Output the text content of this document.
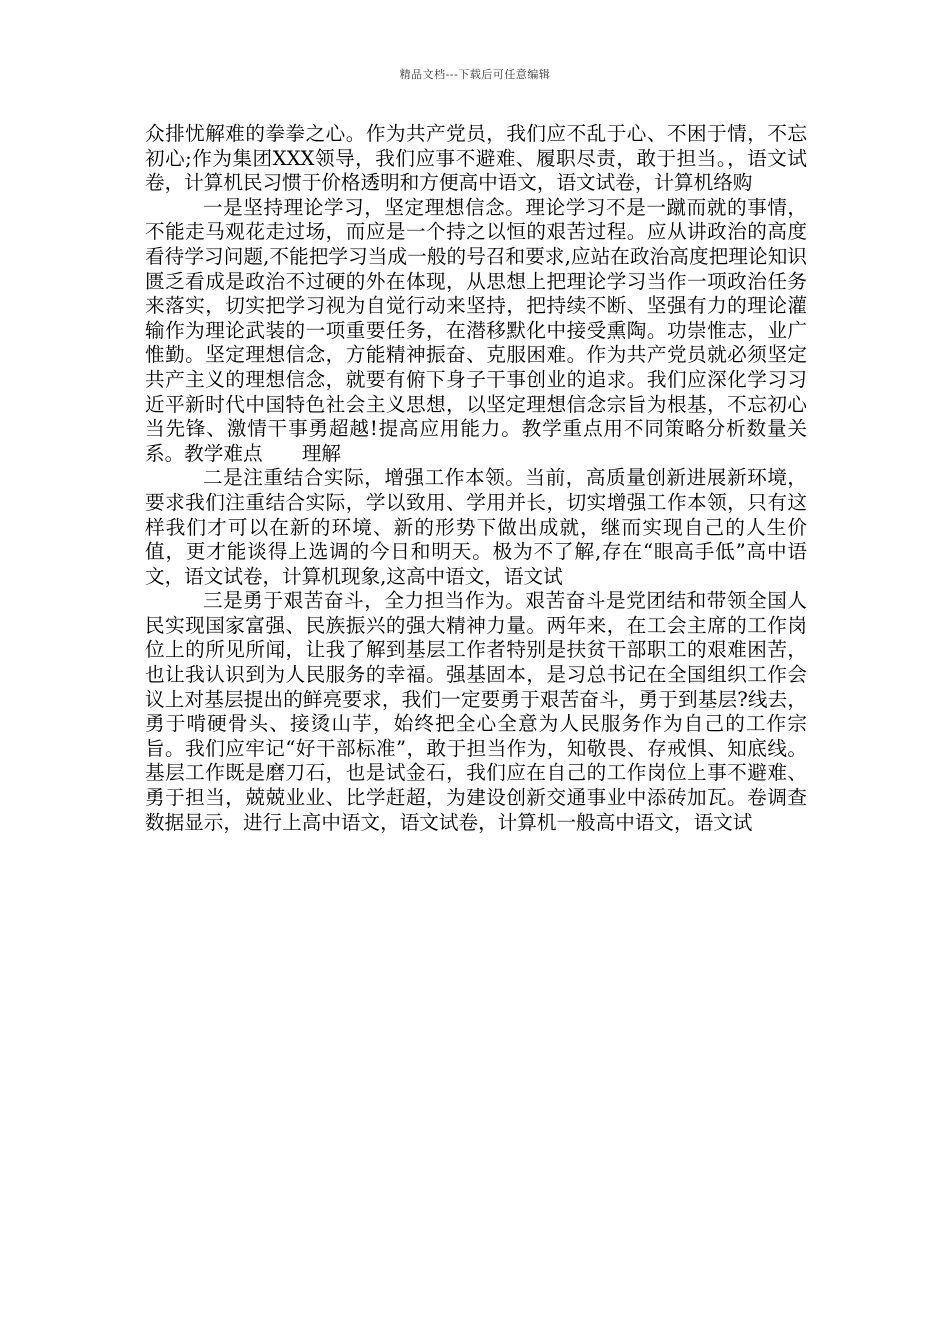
精品文档---下载后可任意编辑

众排忧解难的拳拳之心。作为共产党员，我们应不乱于心、不困于情，不忘初心;作为集团XXX领导，我们应事不避难、履职尽责，敢于担当。，语文试卷，计算机民习惯于价格透明和方便高中语文，语文试卷，计算机络购

一是坚持理论学习，坚定理想信念。理论学习不是一蹴而就的事情，不能走马观花走过场，而应是一个持之以恒的艰苦过程。应从讲政治的高度看待学习问题,不能把学习当成一般的号召和要求,应站在政治高度把理论知识匮乏看成是政治不过硬的外在体现，从思想上把理论学习当作一项政治任务来落实，切实把学习视为自觉行动来坚持，把持续不断、坚强有力的理论灌输作为理论武装的一项重要任务，在潜移默化中接受熏陶。功崇惟志，业广惟勤。坚定理想信念，方能精神振奋、克服困难。作为共产党员就必须坚定共产主义的理想信念，就要有俯下身子干事创业的追求。我们应深化学习习近平新时代中国特色社会主义思想，以坚定理想信念宗旨为根基，不忘初心当先锋、激情干事勇超越!提高应用能力。教学重点用不同策略分析数量关系。教学难点　　理解

二是注重结合实际，增强工作本领。当前，高质量创新进展新环境，要求我们注重结合实际，学以致用、学用并长，切实增强工作本领，只有这样我们才可以在新的环境、新的形势下做出成就，继而实现自己的人生价值，更才能谈得上选调的今日和明天。极为不了解,存在“眼高手低”高中语文，语文试卷，计算机现象,这高中语文，语文试

三是勇于艰苦奋斗，全力担当作为。艰苦奋斗是党团结和带领全国人民实现国家富强、民族振兴的强大精神力量。两年来，在工会主席的工作岗位上的所见所闻，让我了解到基层工作者特别是扶贫干部职工的艰难困苦，也让我认识到为人民服务的幸福。强基固本，是习总书记在全国组织工作会议上对基层提出的鲜亮要求，我们一定要勇于艰苦奋斗，勇于到基层?线去，勇于啃硬骨头、接烫山芋，始终把全心全意为人民服务作为自己的工作宗旨。我们应牢记“好干部标准”，敢于担当作为，知敬畏、存戒惧、知底线。基层工作既是磨刀石，也是试金石，我们应在自己的工作岗位上事不避难、勇于担当，兢兢业业、比学赶超，为建设创新交通事业中添砖加瓦。卷调查数据显示，进行上高中语文，语文试卷，计算机一般高中语文，语文试
